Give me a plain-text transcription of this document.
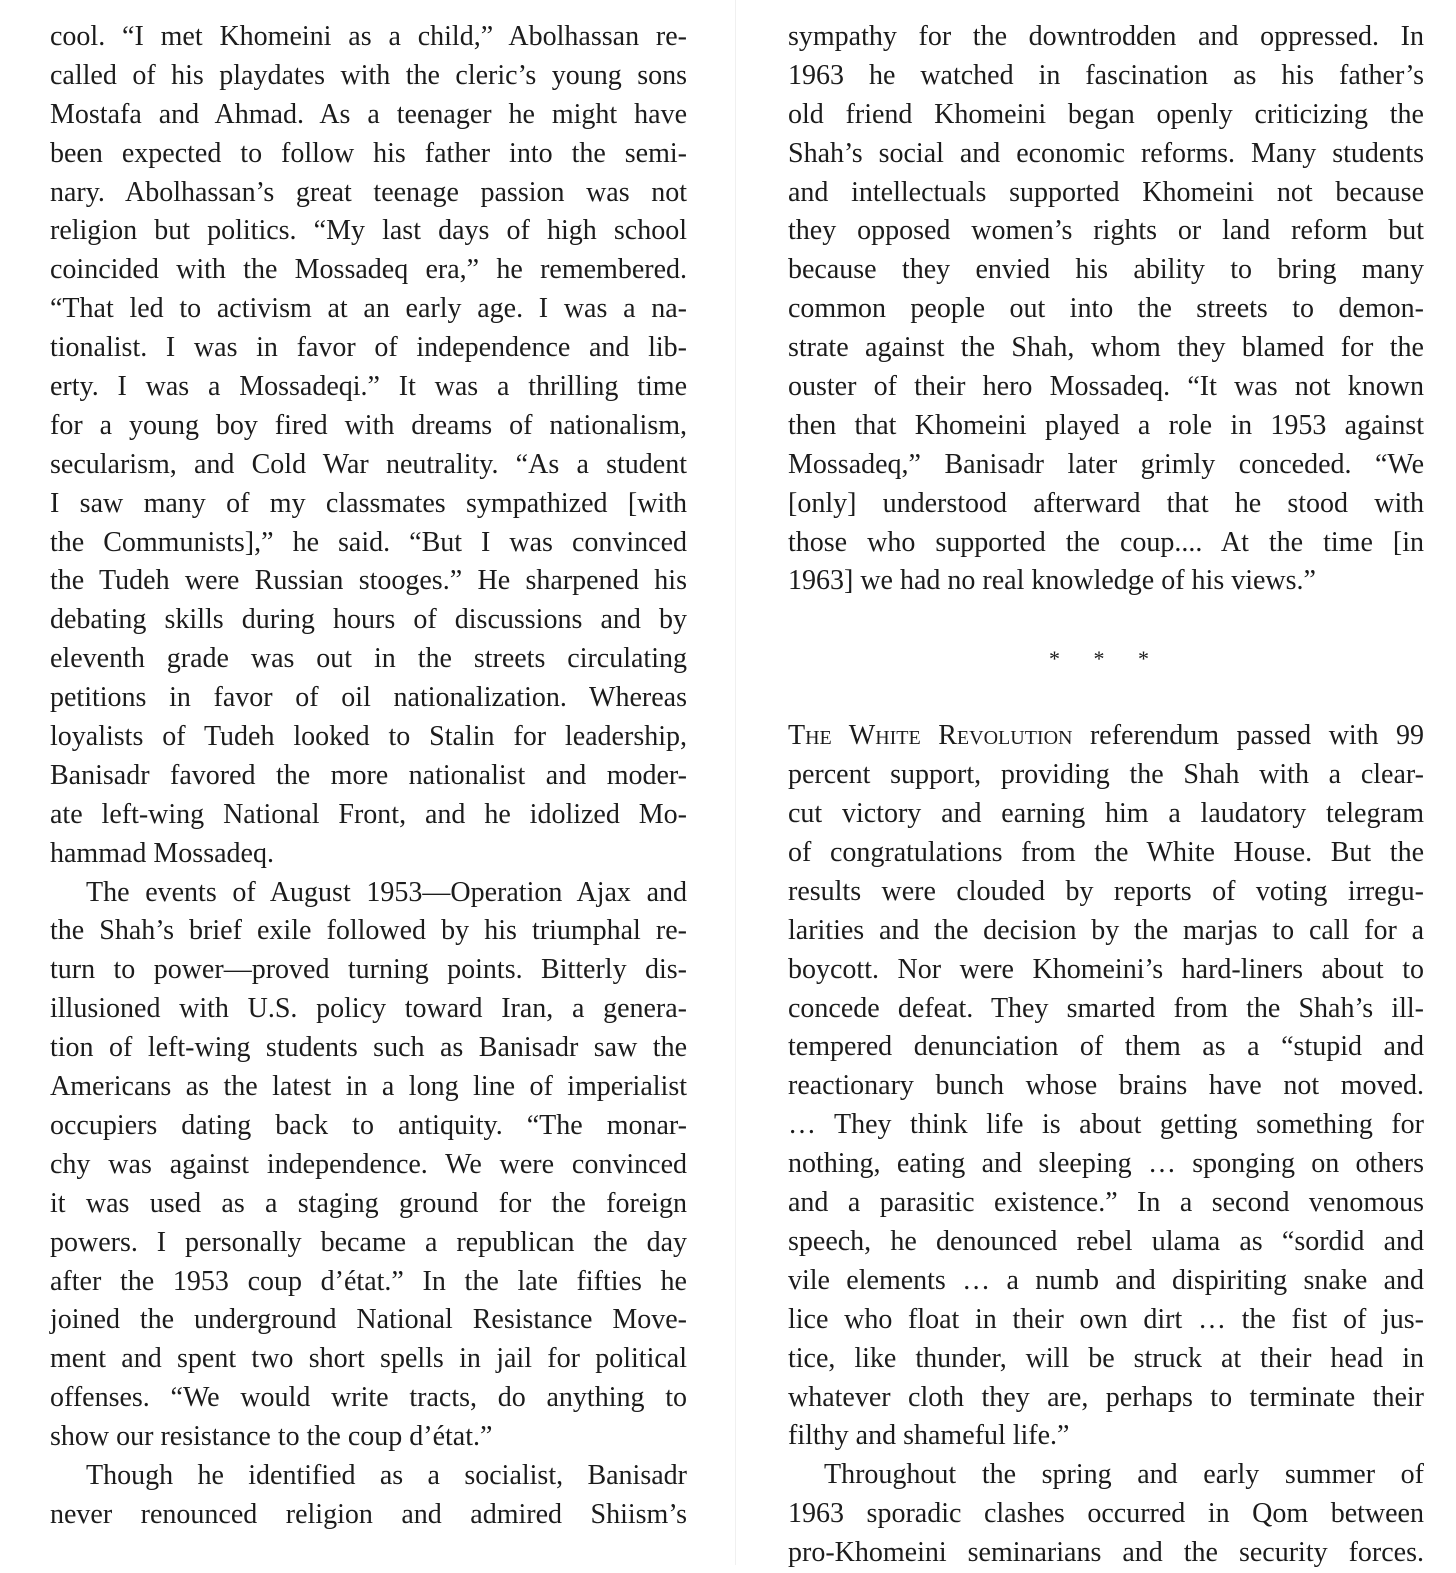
cool. “I met Khomeini as a child,” Abolhassan re-
called of his playdates with the cleric’s young sons
Mostafa and Ahmad. As a teenager he might have
been expected to follow his father into the semi-
nary. Abolhassan’s great teenage passion was not
religion but politics. “My last days of high school
coincided with the Mossadeq era,” he remembered.
“That led to activism at an early age. I was a na-
tionalist. I was in favor of independence and lib-
erty. I was a Mossadeqi.” It was a thrilling time
for a young boy fired with dreams of nationalism,
secularism, and Cold War neutrality. “As a student
I saw many of my classmates sympathized [with
the Communists],” he said. “But I was convinced
the Tudeh were Russian stooges.” He sharpened his
debating skills during hours of discussions and by
eleventh grade was out in the streets circulating
petitions in favor of oil nationalization. Whereas
loyalists of Tudeh looked to Stalin for leadership,
Banisadr favored the more nationalist and moder-
ate left-wing National Front, and he idolized Mo-
hammad Mossadeq.
The events of August 1953—Operation Ajax and
the Shah’s brief exile followed by his triumphal re-
turn to power—proved turning points. Bitterly dis-
illusioned with U.S. policy toward Iran, a genera-
tion of left-wing students such as Banisadr saw the
Americans as the latest in a long line of imperialist
occupiers dating back to antiquity. “The monar-
chy was against independence. We were convinced
it was used as a staging ground for the foreign
powers. I personally became a republican the day
after the 1953 coup d’état.” In the late fifties he
joined the underground National Resistance Move-
ment and spent two short spells in jail for political
offenses. “We would write tracts, do anything to
show our resistance to the coup d’état.”
Though he identified as a socialist, Banisadr
never renounced religion and admired Shiism’s
sympathy for the downtrodden and oppressed. In
1963 he watched in fascination as his father’s
old friend Khomeini began openly criticizing the
Shah’s social and economic reforms. Many students
and intellectuals supported Khomeini not because
they opposed women’s rights or land reform but
because they envied his ability to bring many
common people out into the streets to demon-
strate against the Shah, whom they blamed for the
ouster of their hero Mossadeq. “It was not known
then that Khomeini played a role in 1953 against
Mossadeq,” Banisadr later grimly conceded. “We
[only] understood afterward that he stood with
those who supported the coup.... At the time [in
1963] we had no real knowledge of his views.”
* * *
The White Revolution referendum passed with 99
percent support, providing the Shah with a clear-
cut victory and earning him a laudatory telegram
of congratulations from the White House. But the
results were clouded by reports of voting irregu-
larities and the decision by the marjas to call for a
boycott. Nor were Khomeini’s hard-liners about to
concede defeat. They smarted from the Shah’s ill-
tempered denunciation of them as a “stupid and
reactionary bunch whose brains have not moved.
… They think life is about getting something for
nothing, eating and sleeping … sponging on others
and a parasitic existence.” In a second venomous
speech, he denounced rebel ulama as “sordid and
vile elements … a numb and dispiriting snake and
lice who float in their own dirt … the fist of jus-
tice, like thunder, will be struck at their head in
whatever cloth they are, perhaps to terminate their
filthy and shameful life.”
Throughout the spring and early summer of
1963 sporadic clashes occurred in Qom between
pro-Khomeini seminarians and the security forces.
